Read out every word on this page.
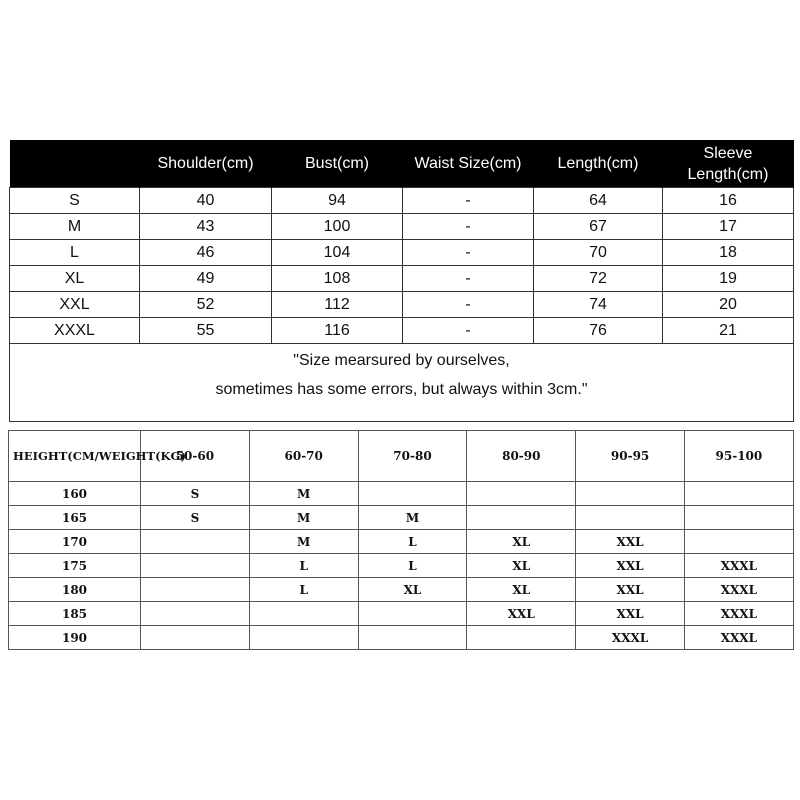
	Shoulder(cm)	Bust(cm)	Waist Size(cm)	Length(cm)	Sleeve
Length(cm)
S	40	94	-	64	16
M	43	100	-	67	17
L	46	104	-	70	18
XL	49	108	-	72	19
XXL	52	112	-	74	20
XXXL	55	116	-	76	21

"Size mearsured by ourselves,
sometimes has some errors, but always within 3cm."					
HEIGHT(CM/WEIGHT(KG)	50-60	60-70	70-80	80-90	90-95	95-100
160	S	M				
165	S	M	M			
170		M	L	XL	XXL	
175		L	L	XL	XXL	XXXL
180		L	XL	XL	XXL	XXXL
185				XXL	XXL	XXXL
190					XXXL	XXXL
